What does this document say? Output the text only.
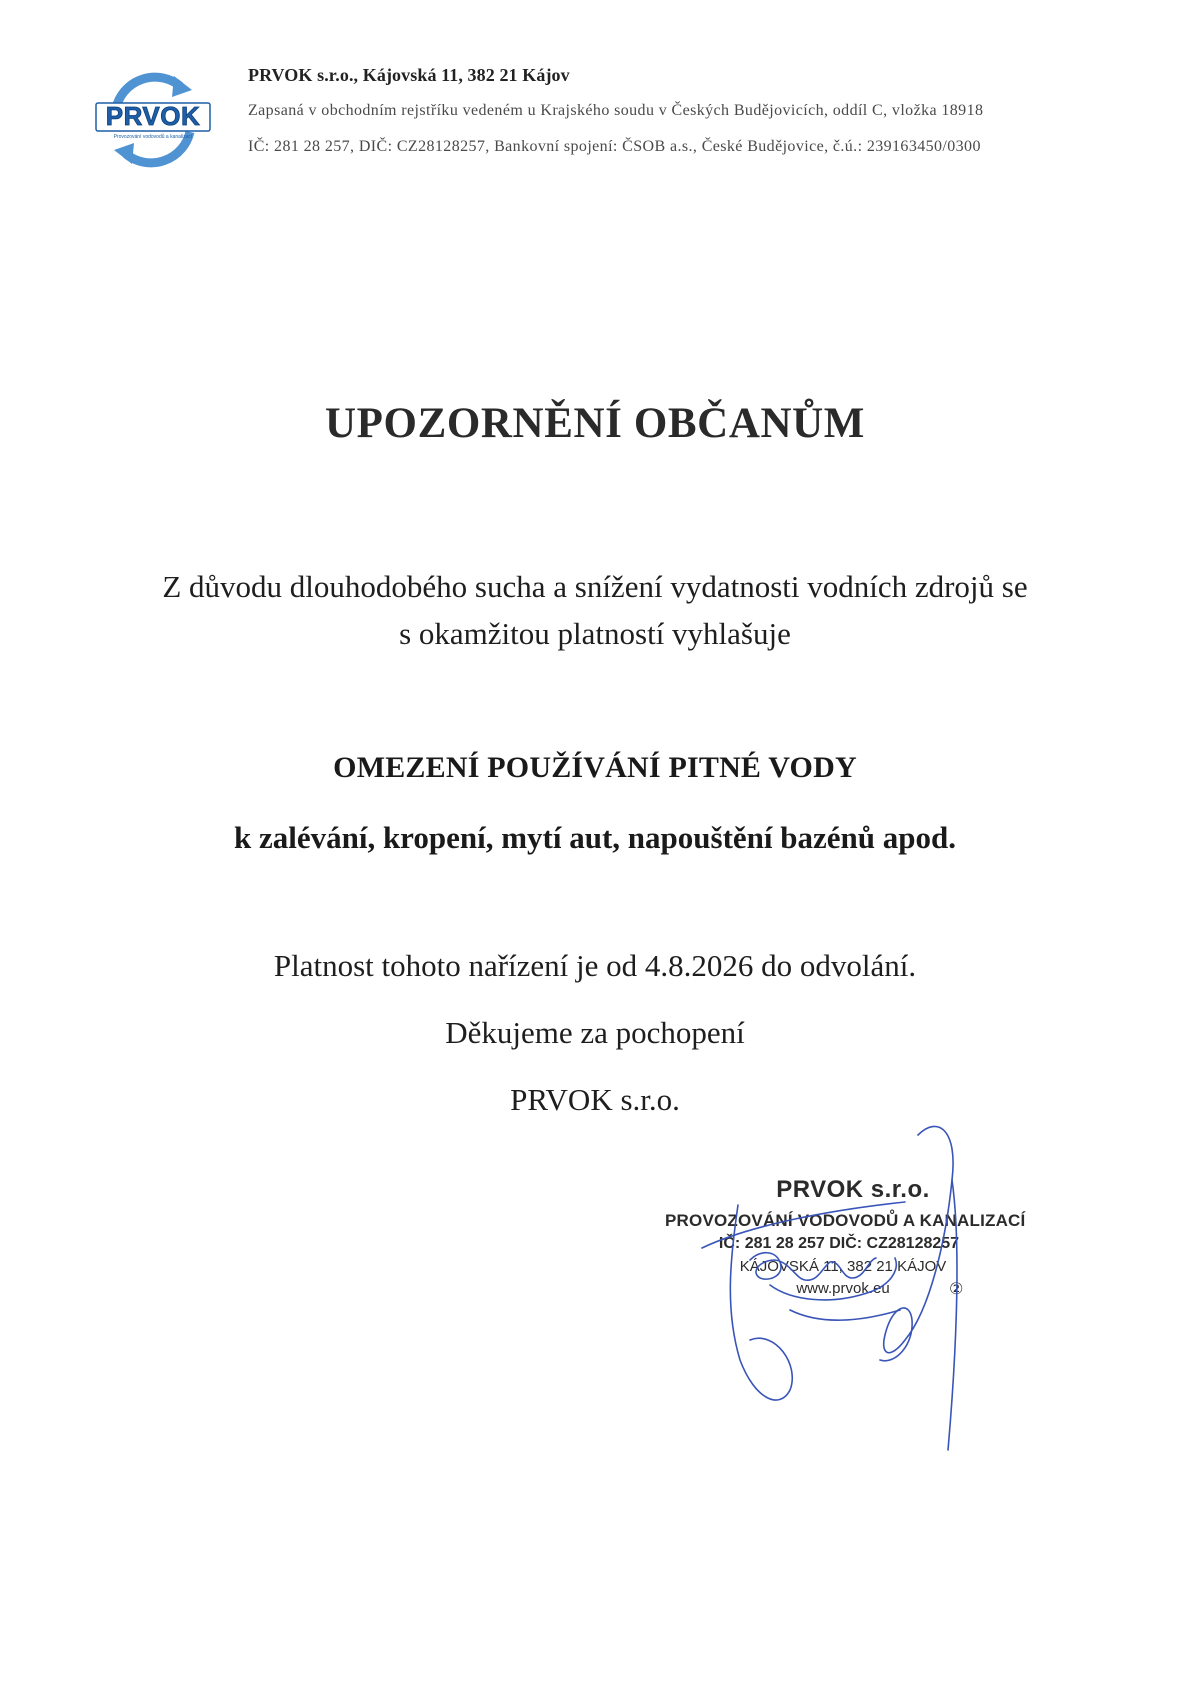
PRVOK
Provozování vodovodů a kanalizací
PRVOK s.r.o., Kájovská 11, 382 21 Kájov
Zapsaná v obchodním rejstříku vedeném u Krajského soudu v Českých Budějovicích, oddíl C, vložka 18918
IČ: 281 28 257, DIČ: CZ28128257, Bankovní spojení: ČSOB a.s., České Budějovice, č.ú.: 239163450/0300
UPOZORNĚNÍ OBČANŮM
Z důvodu dlouhodobého sucha a snížení vydatnosti vodních zdrojů se
s okamžitou platností vyhlašuje
OMEZENÍ POUŽÍVÁNÍ PITNÉ VODY
k zalévání, kropení, mytí aut, napouštění bazénů apod.
Platnost tohoto nařízení je od 4.8.2026 do odvolání.
Děkujeme za pochopení
PRVOK s.r.o.
PRVOK s.r.o.
PROVOZOVÁNÍ VODOVODŮ A KANALIZACÍ
IČ: 281 28 257 DIČ: CZ28128257
KÁJOVSKÁ 11, 382 21 KÁJOV
www.prvok.eu	②
